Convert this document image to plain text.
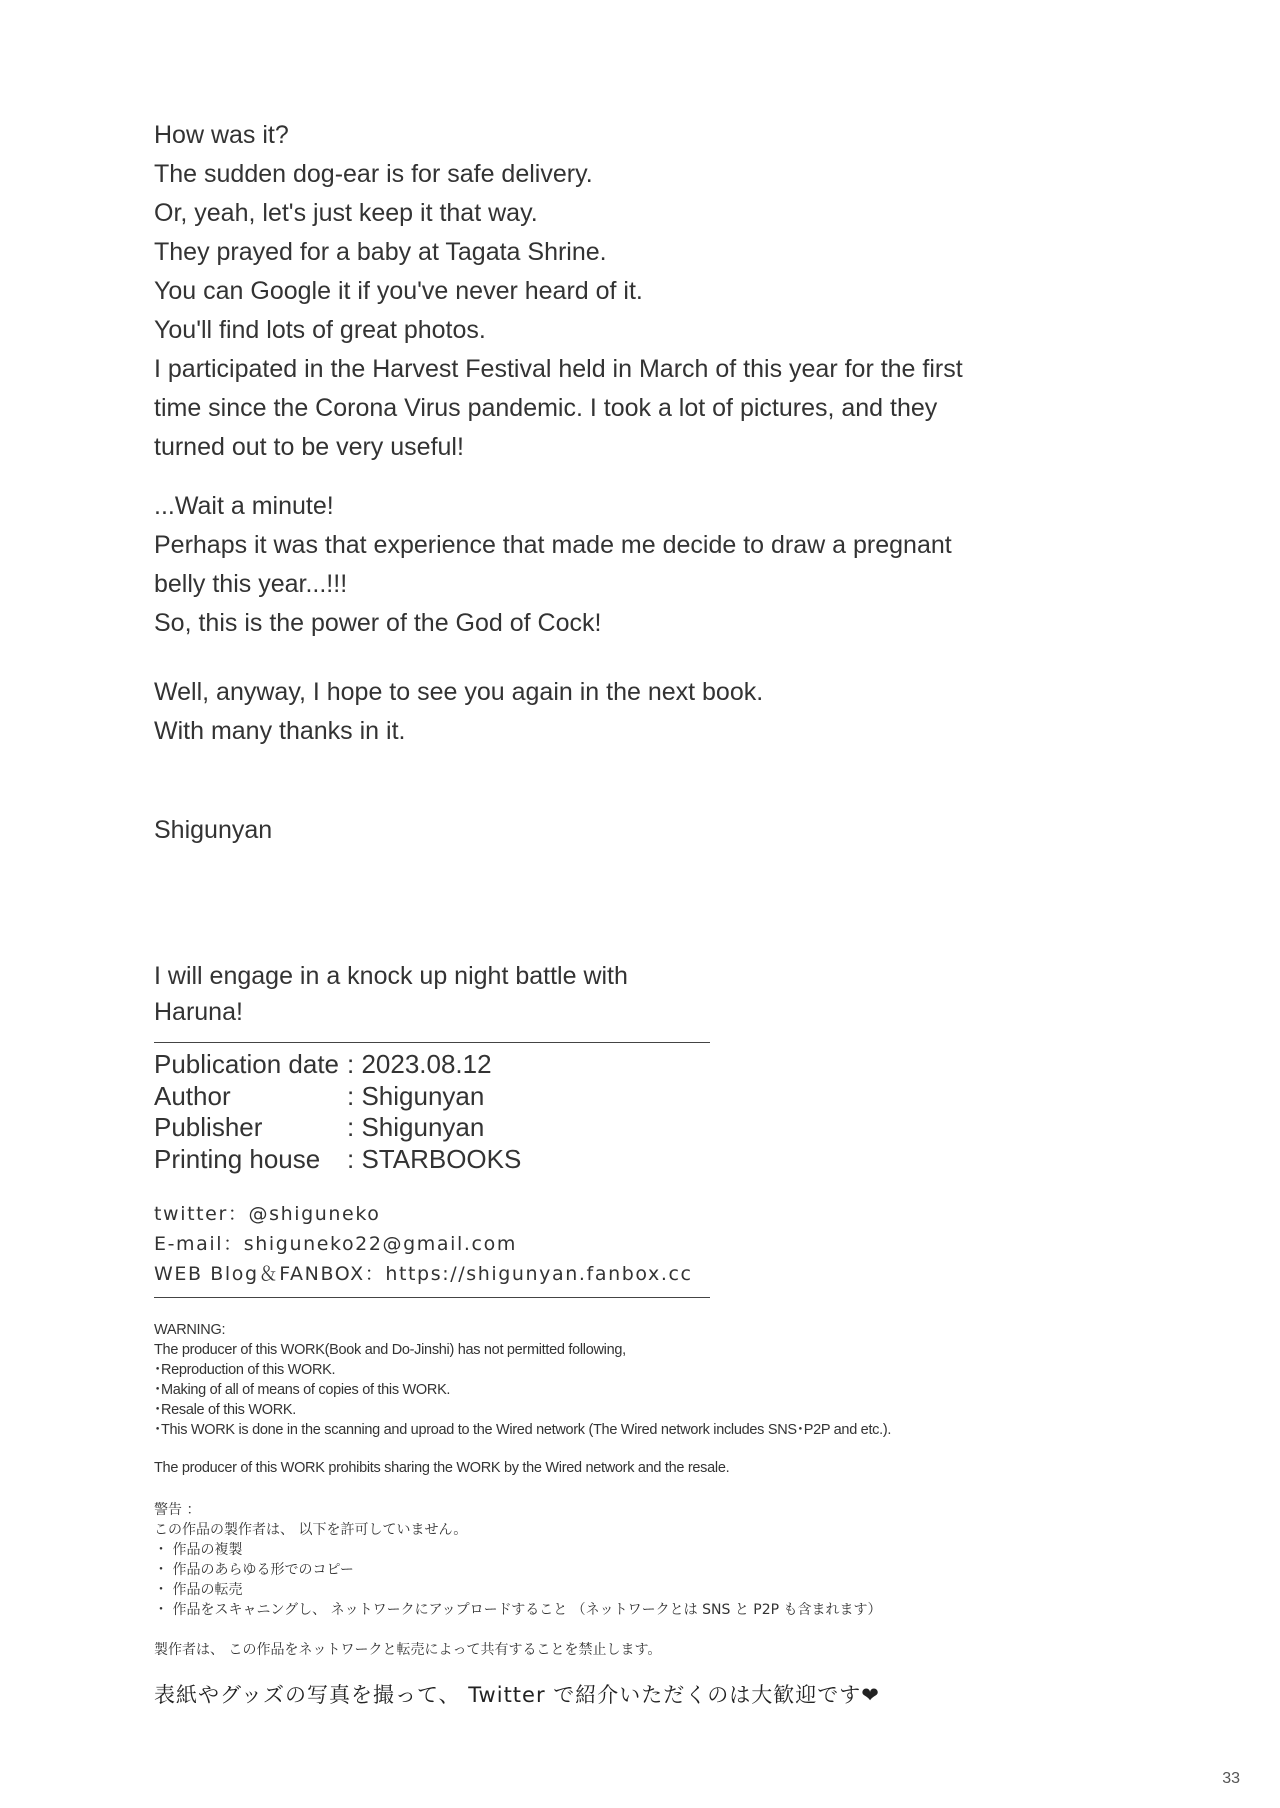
How was it?
The sudden dog-ear is for safe delivery.
Or, yeah, let's just keep it that way.
They prayed for a baby at Tagata Shrine.
You can Google it if you've never heard of it.
You'll find lots of great photos.
I participated in the Harvest Festival held in March of this year for the first
time since the Corona Virus pandemic. I took a lot of pictures, and they
turned out to be very useful!

...Wait a minute!
Perhaps it was that experience that made me decide to draw a pregnant
belly this year...!!!
So, this is the power of the God of Cock!

Well, anyway, I hope to see you again in the next book.
With many thanks in it.

Shigunyan

I will engage in a knock up night battle with Haruna!

Publication date	: 2023.08.12
Author	: Shigunyan
Publisher	: Shigunyan
Printing house	: STARBOOKS
twitter：@shiguneko
E-mail：shiguneko22@gmail.com
WEB Blog＆FANBOX：https://shigunyan.fanbox.cc
WARNING:
The producer of this WORK(Book and Do-Jinshi) has not permitted following,
･Reproduction of this WORK.
･Making of all of means of copies of this WORK.
･Resale of this WORK.
･This WORK is done in the scanning and uproad to the Wired network (The Wired network includes SNS･P2P and etc.).
The producer of this WORK prohibits sharing the WORK by the Wired network and the resale.
警告 ：
この作品の製作者は、 以下を許可していません。
・ 作品の複製
・ 作品のあらゆる形でのコピー
・ 作品の転売
・ 作品をスキャニングし、 ネットワークにアップロードすること （ネットワークとは SNS と P2P も含まれます）
製作者は、 この作品をネットワークと転売によって共有することを禁止します。
表紙やグッズの写真を撮って、 Twitter で紹介いただくのは大歓迎です❤
33
